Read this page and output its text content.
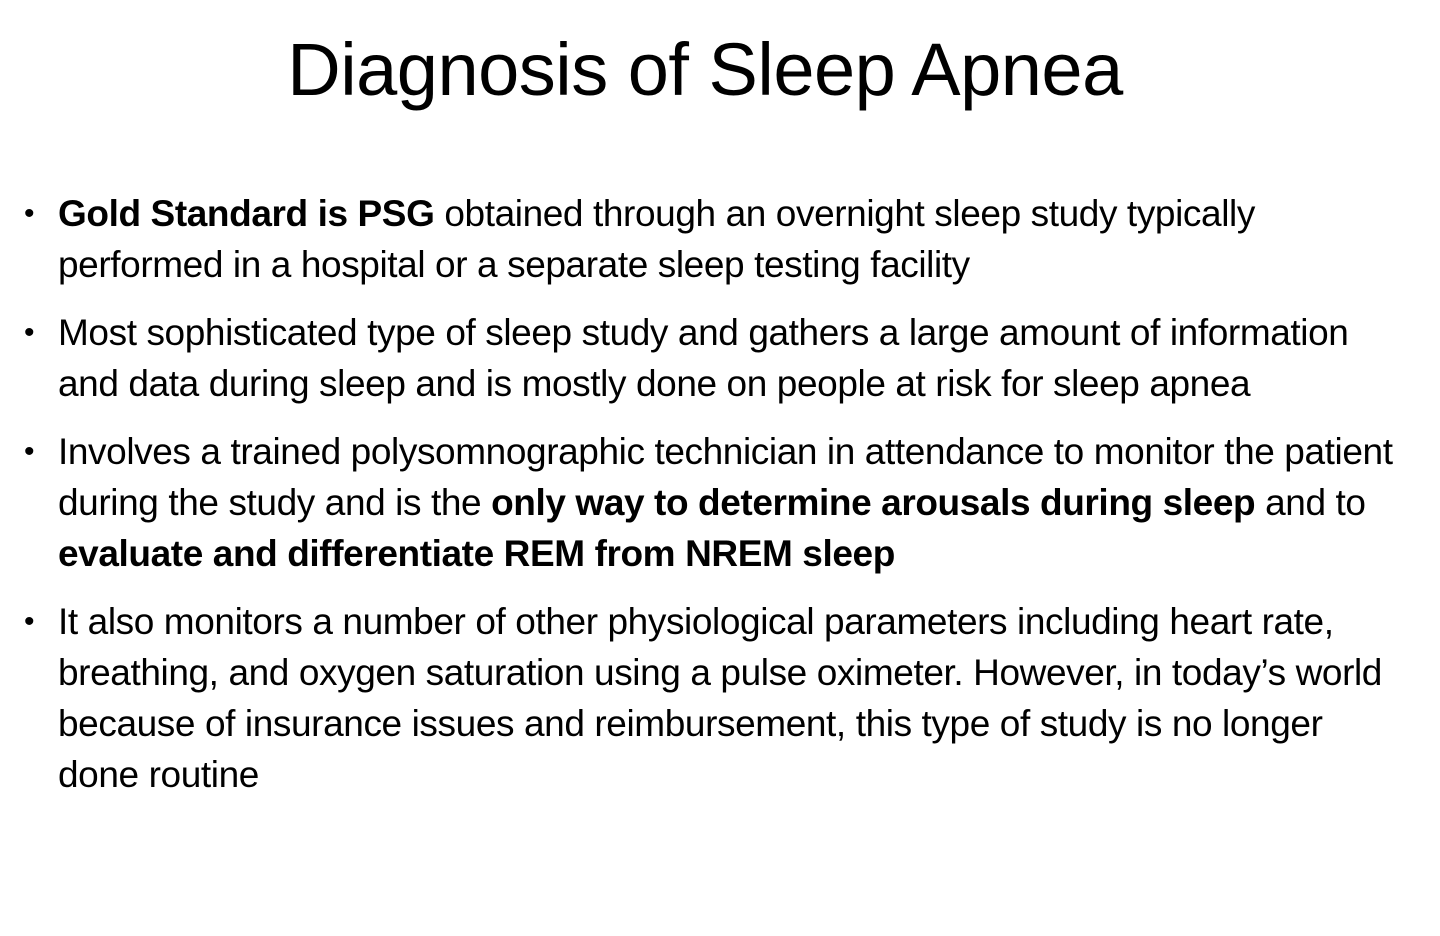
Diagnosis of Sleep Apnea
• Gold Standard is PSG obtained through an overnight sleep study typically performed in a hospital or a separate sleep testing facility
• Most sophisticated type of sleep study and gathers a large amount of information and data during sleep and is mostly done on people at risk for sleep apnea
• Involves a trained polysomnographic technician in attendance to monitor the patient during the study and is the only way to determine arousals during sleep and to evaluate and differentiate REM from NREM sleep
• It also monitors a number of other physiological parameters including heart rate, breathing, and oxygen saturation using a pulse oximeter. However, in today’s world because of insurance issues and reimbursement, this type of study is no longer done routine
